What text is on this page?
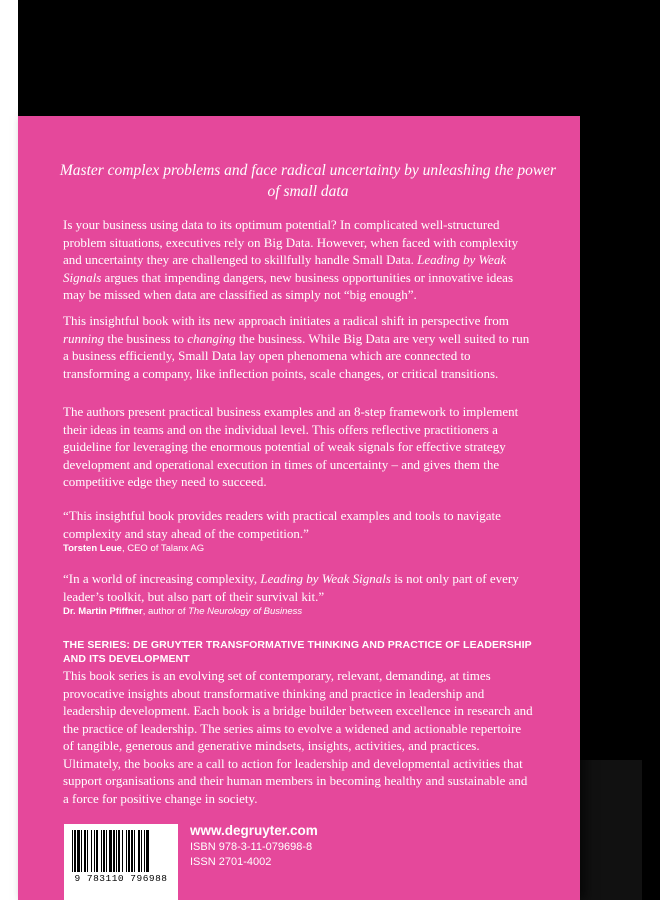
Master complex problems and face radical uncertainty by unleashing the power of small data

Is your business using data to its optimum potential? In complicated well-structured problem situations, executives rely on Big Data. However, when faced with complexity and uncertainty they are challenged to skillfully handle Small Data. Leading by Weak Signals argues that impending dangers, new business opportunities or innovative ideas may be missed when data are classified as simply not “big enough”.

This insightful book with its new approach initiates a radical shift in perspective from running the business to changing the business. While Big Data are very well suited to run a business efficiently, Small Data lay open phenomena which are connected to transforming a company, like inflection points, scale changes, or critical transitions.

The authors present practical business examples and an 8-step framework to implement their ideas in teams and on the individual level. This offers reflective practitioners a guideline for leveraging the enormous potential of weak signals for effective strategy development and operational execution in times of uncertainty – and gives them the competitive edge they need to succeed.

“This insightful book provides readers with practical examples and tools to navigate complexity and stay ahead of the competition.”
Torsten Leue, CEO of Talanx AG
“In a world of increasing complexity, Leading by Weak Signals is not only part of every leader’s toolkit, but also part of their survival kit.”
Dr. Martin Pfiffner, author of The Neurology of Business
THE SERIES: DE GRUYTER TRANSFORMATIVE THINKING AND PRACTICE OF LEADERSHIP AND ITS DEVELOPMENT

This book series is an evolving set of contemporary, relevant, demanding, at times provocative insights about transformative thinking and practice in leadership and leadership development. Each book is a bridge builder between excellence in research and the practice of leadership. The series aims to evolve a widened and actionable repertoire of tangible, generous and generative mindsets, insights, activities, and practices. Ultimately, the books are a call to action for leadership and developmental activities that support organisations and their human members in becoming healthy and sustainable and a force for positive change in society.

9 783110 796988
www.degruyter.com
ISBN 978-3-11-079698-8
ISSN 2701-4002
